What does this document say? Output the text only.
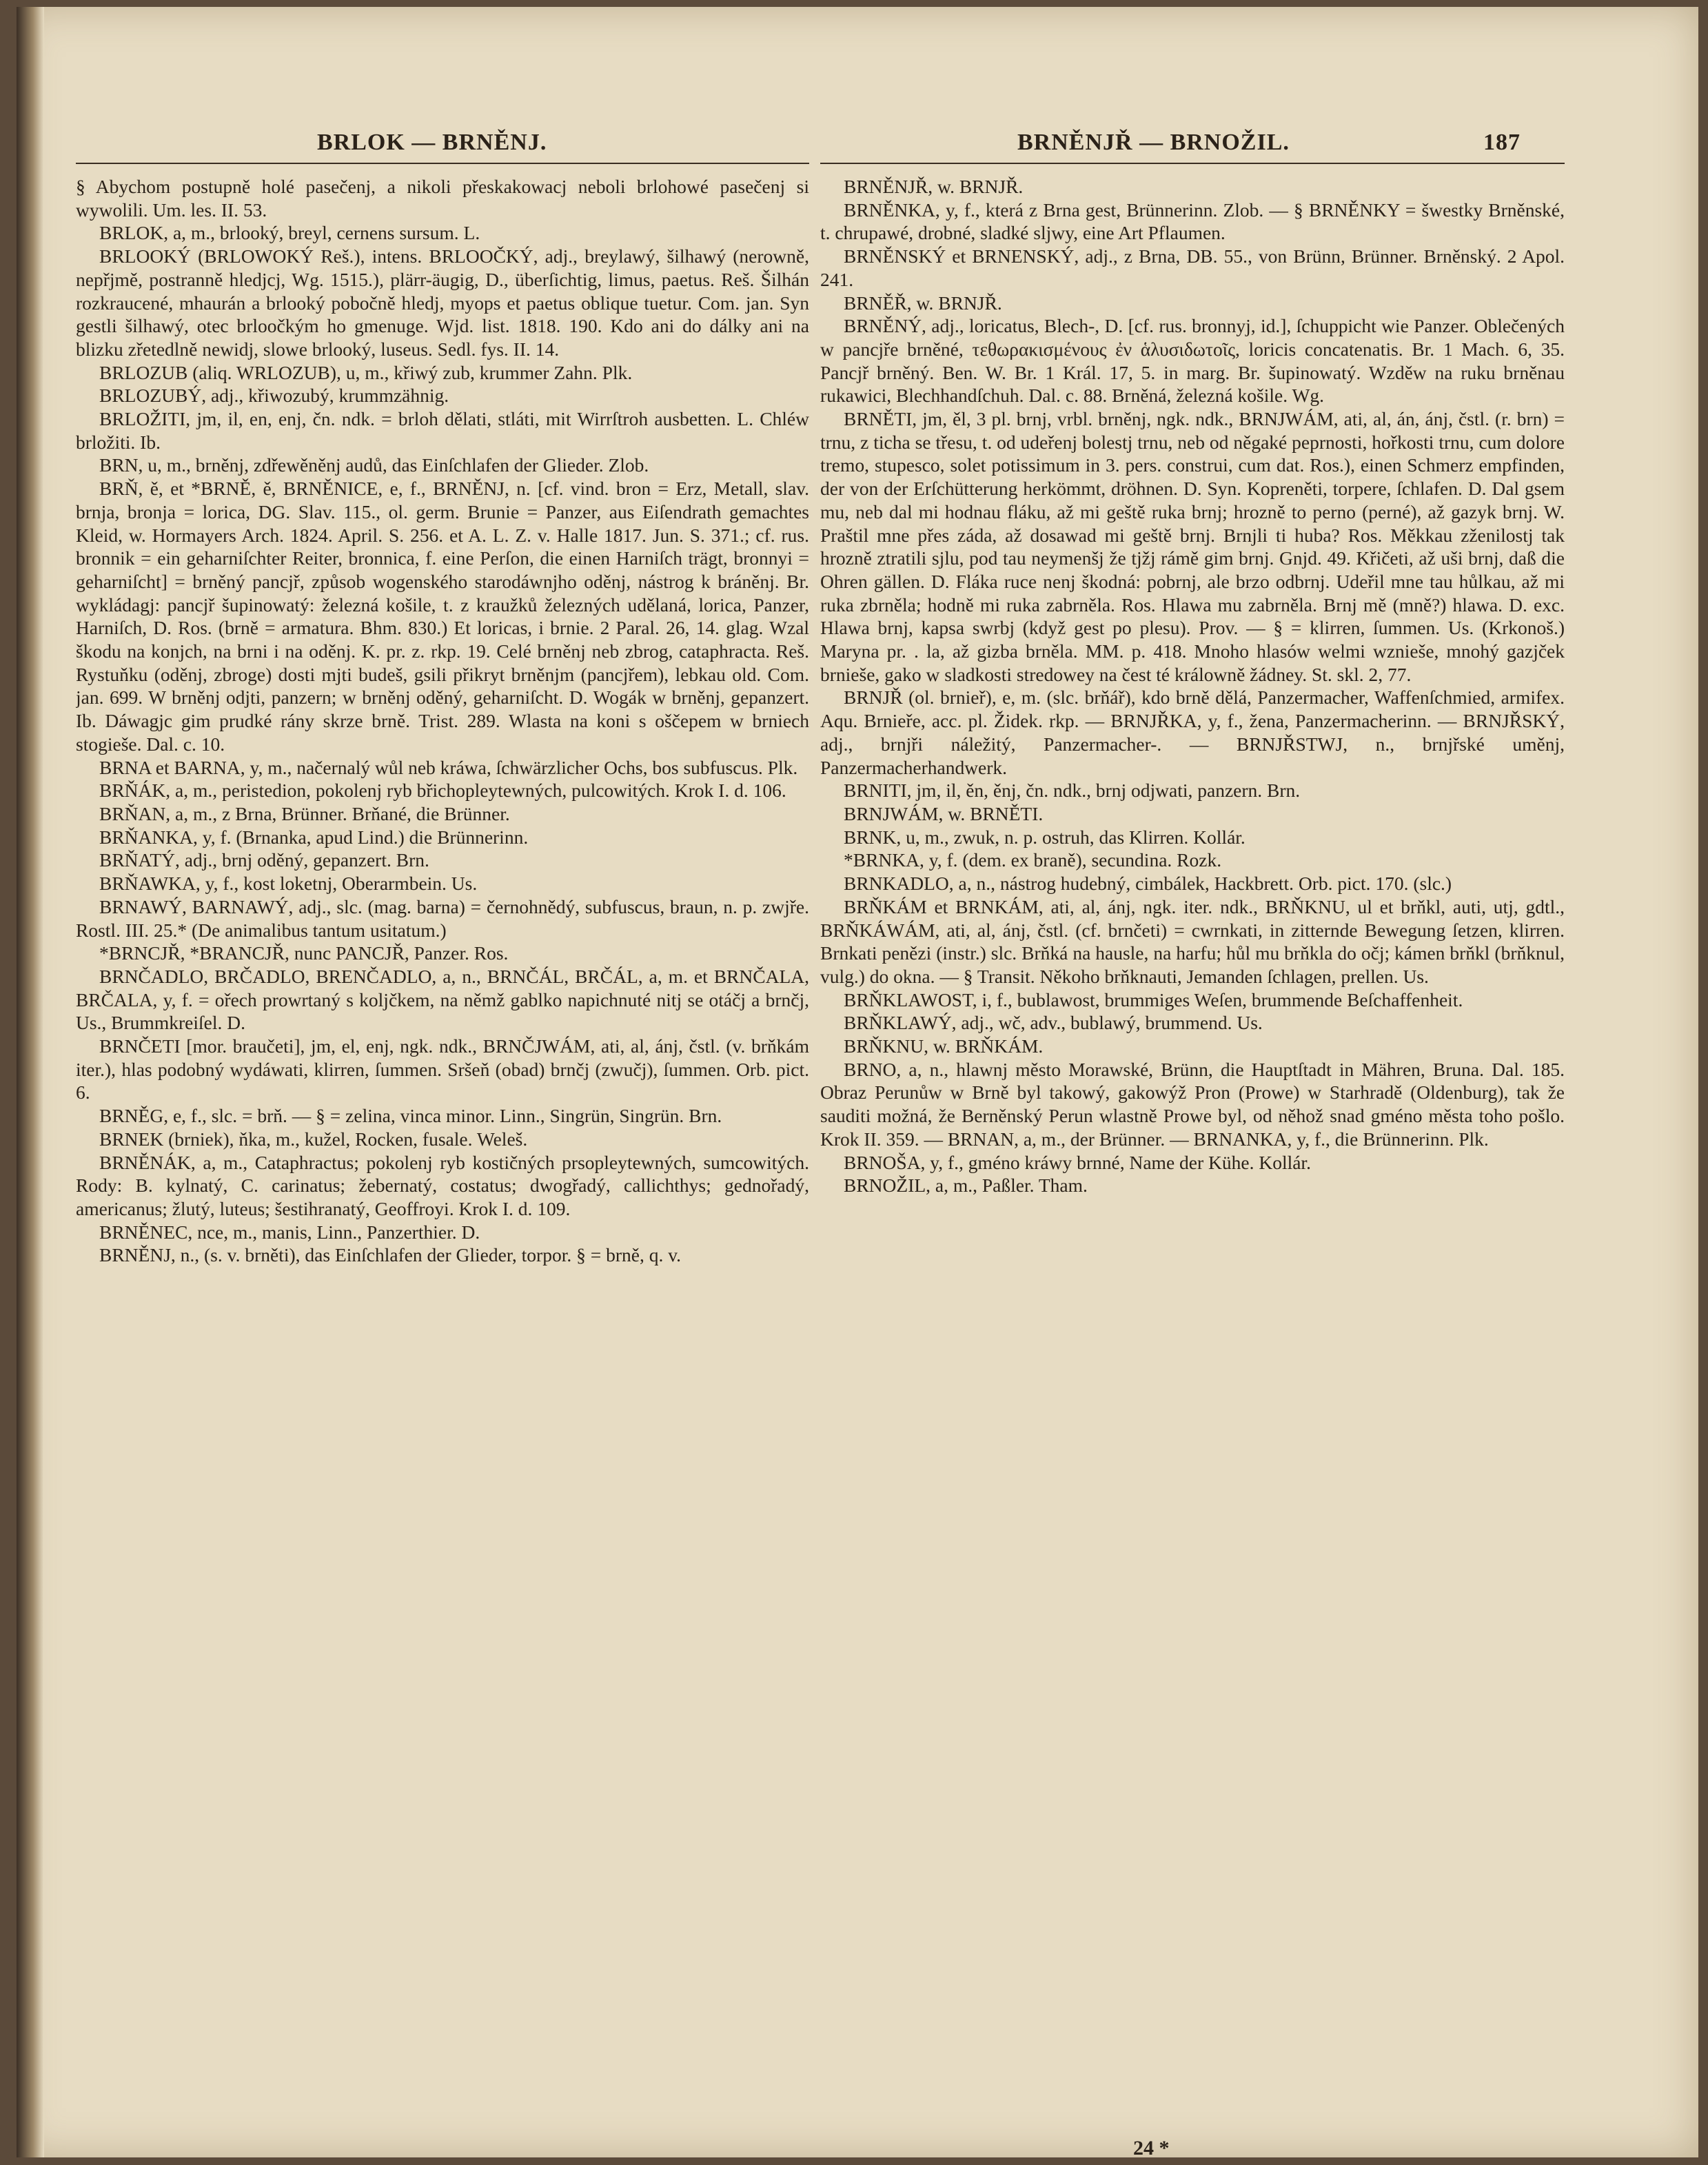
BRLOK — BRNĚNJ.	BRNĚNJŘ — BRNOŽIL.	187

§ Abychom postupně holé pasečenj, a nikoli přeskakowacj neboli brlohowé pasečenj si wywolili. Um. les. II. 53.

BRLOK, a, m., brlooký, breyl, cernens sursum. L.

BRLOOKÝ (BRLOWOKÝ Reš.), intens. BRLOOČKÝ, adj., breylawý, šilhawý (nerowně, nepřjmě, postranně hledjcj, Wg. 1515.), plärr-äugig, D., überſichtig, limus, paetus. Reš. Šilhán rozkraucené, mhaurán a brlooký pobočně hledj, myops et paetus oblique tuetur. Com. jan. Syn gestli šilhawý, otec brloočkým ho gmenuge. Wjd. list. 1818. 190. Kdo ani do dálky ani na blizku zřetedlně newidj, slowe brlooký, luseus. Sedl. fys. II. 14.

BRLOZUB (aliq. WRLOZUB), u, m., křiwý zub, krummer Zahn. Plk.

BRLOZUBÝ, adj., křiwozubý, krummzähnig.

BRLOŽITI, jm, il, en, enj, čn. ndk. = brloh dělati, stláti, mit Wirrſtroh ausbetten. L. Chléw brložiti. Ib.

BRN, u, m., brněnj, zdřewěněnj audů, das Einſchlafen der Glieder. Zlob.

BRŇ, ě, et *BRNĚ, ě, BRNĚNICE, e, f., BRNĚNJ, n. [cf. vind. bron = Erz, Metall, slav. brnja, bronja = lorica, DG. Slav. 115., ol. germ. Brunie = Panzer, aus Eiſendrath gemachtes Kleid, w. Hormayers Arch. 1824. April. S. 256. et A. L. Z. v. Halle 1817. Jun. S. 371.; cf. rus. bronnik = ein geharniſchter Reiter, bronnica, f. eine Perſon, die einen Harniſch trägt, bronnyi = geharniſcht] = brněný pancjř, způsob wogenského starodáwnjho oděnj, nástrog k bráněnj. Br. wykládagj: pancjř šupinowatý: železná košile, t. z kraužků železných udělaná, lorica, Panzer, Harniſch, D. Ros. (brně = armatura. Bhm. 830.) Et loricas, i brnie. 2 Paral. 26, 14. glag. Wzal škodu na konjch, na brni i na oděnj. K. pr. z. rkp. 19. Celé brněnj neb zbrog, cataphracta. Reš. Rystuňku (oděnj, zbroge) dosti mjti budeš, gsili přikryt brněnjm (pancjřem), lebkau old. Com. jan. 699. W brněnj odjti, panzern; w brněnj oděný, geharniſcht. D. Wogák w brněnj, gepanzert. Ib. Dáwagjc gim prudké rány skrze brně. Trist. 289. Wlasta na koni s oščepem w brniech stogieše. Dal. c. 10.

BRNA et BARNA, y, m., načernalý wůl neb kráwa, ſchwärzlicher Ochs, bos subfuscus. Plk.

BRŇÁK, a, m., peristedion, pokolenj ryb břichopleytewných, pulcowitých. Krok I. d. 106.

BRŇAN, a, m., z Brna, Brünner. Brňané, die Brünner.

BRŇANKA, y, f. (Brnanka, apud Lind.) die Brünnerinn.

BRŇATÝ, adj., brnj oděný, gepanzert. Brn.

BRŇAWKA, y, f., kost loketnj, Oberarmbein. Us.

BRNAWÝ, BARNAWÝ, adj., slc. (mag. barna) = černohnědý, subfuscus, braun, n. p. zwjře. Rostl. III. 25.* (De animalibus tantum usitatum.)

*BRNCJŘ, *BRANCJŘ, nunc PANCJŘ, Panzer. Ros.

BRNČADLO, BRČADLO, BRENČADLO, a, n., BRNČÁL, BRČÁL, a, m. et BRNČALA, BRČALA, y, f. = ořech prowrtaný s koljčkem, na němž gablko napichnuté nitj se otáčj a brnčj, Us., Brummkreiſel. D.

BRNČETI [mor. braučeti], jm, el, enj, ngk. ndk., BRNČJWÁM, ati, al, ánj, čstl. (v. brňkám iter.), hlas podobný wydáwati, klirren, ſummen. Sršeň (obad) brnčj (zwučj), ſummen. Orb. pict. 6.

BRNĚG, e, f., slc. = brň. — § = zelina, vinca minor. Linn., Singrün, Singrün. Brn.

BRNEK (brniek), ňka, m., kužel, Rocken, fusale. Weleš.

BRNĚNÁK, a, m., Cataphractus; pokolenj ryb kostičných prsopleytewných, sumcowitých. Rody: B. kylnatý, C. carinatus; žebernatý, costatus; dwogřadý, callichthys; gednořadý, americanus; žlutý, luteus; šestihranatý, Geoffroyi. Krok I. d. 109.

BRNĚNEC, nce, m., manis, Linn., Panzerthier. D.

BRNĚNJ, n., (s. v. brněti), das Einſchlafen der Glieder, torpor. § = brně, q. v.

BRNĚNJŘ, w. BRNJŘ.

BRNĚNKA, y, f., která z Brna gest, Brünnerinn. Zlob. — § BRNĚNKY = šwestky Brněnské, t. chrupawé, drobné, sladké sljwy, eine Art Pflaumen.

BRNĚNSKÝ et BRNENSKÝ, adj., z Brna, DB. 55., von Brünn, Brünner. Brněnský. 2 Apol. 241.

BRNĚŘ, w. BRNJŘ.

BRNĚNÝ, adj., loricatus, Blech-, D. [cf. rus. bronnyj, id.], ſchuppicht wie Panzer. Oblečených w pancjře brněné, τεθωρακισμένους ἐν ἁλυσιδωτοῖς, loricis concatenatis. Br. 1 Mach. 6, 35. Pancjř brněný. Ben. W. Br. 1 Král. 17, 5. in marg. Br. šupinowatý. Wzděw na ruku brněnau rukawici, Blechhandſchuh. Dal. c. 88. Brněná, železná košile. Wg.

BRNĚTI, jm, ěl, 3 pl. brnj, vrbl. brněnj, ngk. ndk., BRNJWÁM, ati, al, án, ánj, čstl. (r. brn) = trnu, z ticha se třesu, t. od udeřenj bolestj trnu, neb od něgaké peprnosti, hořkosti trnu, cum dolore tremo, stupesco, solet potissimum in 3. pers. construi, cum dat. Ros.), einen Schmerz empfinden, der von der Erſchütterung herkömmt, dröhnen. D. Syn. Kopreněti, torpere, ſchlafen. D. Dal gsem mu, neb dal mi hodnau fláku, až mi geště ruka brnj; hrozně to perno (perné), až gazyk brnj. W. Praštil mne přes záda, až dosawad mi geště brnj. Brnjli ti huba? Ros. Měkkau zženilostj tak hrozně ztratili sjlu, pod tau neymenšj že tjžj rámě gim brnj. Gnjd. 49. Křičeti, až uši brnj, daß die Ohren gällen. D. Fláka ruce nenj škodná: pobrnj, ale brzo odbrnj. Udeřil mne tau hůlkau, až mi ruka zbrněla; hodně mi ruka zabrněla. Ros. Hlawa mu zabrněla. Brnj mě (mně?) hlawa. D. exc. Hlawa brnj, kapsa swrbj (když gest po plesu). Prov. — § = klirren, ſummen. Us. (Krkonoš.) Maryna pr. . la, až gizba brněla. MM. p. 418. Mnoho hlasów welmi wznieše, mnohý gazjček brnieše, gako w sladkosti stredowey na čest té králowně žádney. St. skl. 2, 77.

BRNJŘ (ol. brnieř), e, m. (slc. brňář), kdo brně dělá, Panzermacher, Waffenſchmied, armifex. Aqu. Brnieře, acc. pl. Židek. rkp. — BRNJŘKA, y, f., žena, Panzermacherinn. — BRNJŘSKÝ, adj., brnjři náležitý, Panzermacher-. — BRNJŘSTWJ, n., brnjřské uměnj, Panzermacherhandwerk.

BRNITI, jm, il, ěn, ěnj, čn. ndk., brnj odjwati, panzern. Brn.

BRNJWÁM, w. BRNĚTI.

BRNK, u, m., zwuk, n. p. ostruh, das Klirren. Kollár.

*BRNKA, y, f. (dem. ex braně), secundina. Rozk.

BRNKADLO, a, n., nástrog hudebný, cimbálek, Hackbrett. Orb. pict. 170. (slc.)

BRŇKÁM et BRNKÁM, ati, al, ánj, ngk. iter. ndk., BRŇKNU, ul et brňkl, auti, utj, gdtl., BRŇKÁWÁM, ati, al, ánj, čstl. (cf. brnčeti) = cwrnkati, in zitternde Bewegung ſetzen, klirren. Brnkati penězi (instr.) slc. Brňká na hausle, na harfu; hůl mu brňkla do očj; kámen brňkl (brňknul, vulg.) do okna. — § Transit. Někoho brňknauti, Jemanden ſchlagen, prellen. Us.

BRŇKLAWOST, i, f., bublawost, brummiges Weſen, brummende Beſchaffenheit.

BRŇKLAWÝ, adj., wč, adv., bublawý, brummend. Us.

BRŇKNU, w. BRŇKÁM.

BRNO, a, n., hlawnj město Morawské, Brünn, die Hauptſtadt in Mähren, Bruna. Dal. 185. Obraz Perunůw w Brně byl takowý, gakowýž Pron (Prowe) w Starhradě (Oldenburg), tak že sauditi možná, že Berněnský Perun wlastně Prowe byl, od něhož snad gméno města toho pošlo. Krok II. 359. — BRNAN, a, m., der Brünner. — BRNANKA, y, f., die Brünnerinn. Plk.

BRNOŠA, y, f., gméno kráwy brnné, Name der Kühe. Kollár.

BRNOŽIL, a, m., Paßler. Tham.

24 *
